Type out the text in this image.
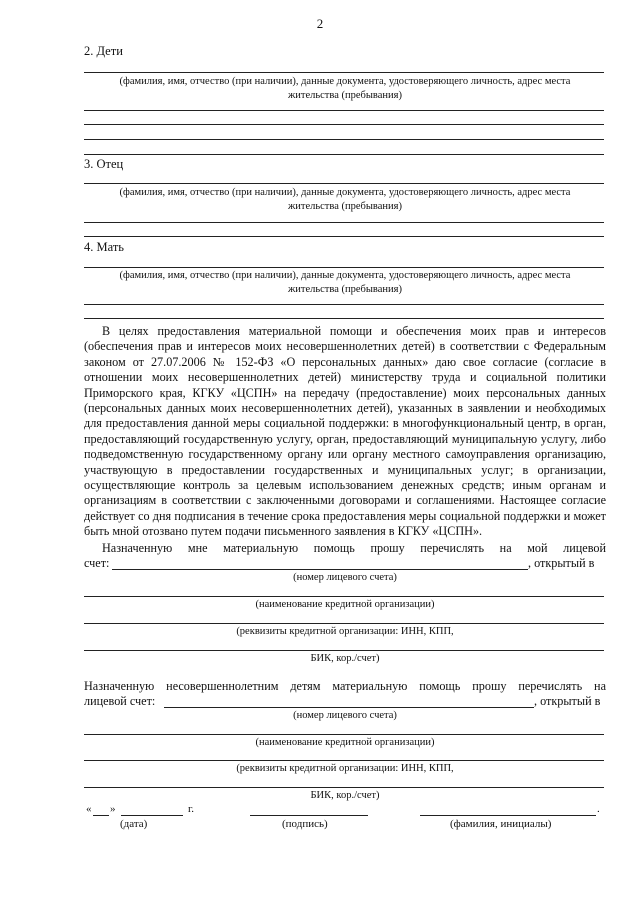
2
2. Дети
(фамилия, имя, отчество (при наличии), данные документа, удостоверяющего личность, адрес места
жительства (пребывания)
3. Отец
(фамилия, имя, отчество (при наличии), данные документа, удостоверяющего личность, адрес места
жительства (пребывания)
4. Мать
(фамилия, имя, отчество (при наличии), данные документа, удостоверяющего личность, адрес места
жительства (пребывания)
В целях предоставления материальной помощи и обеспечения моих прав и интересов (обеспечения прав и интересов моих несовершеннолетних детей) в соответствии с Федеральным законом от 27.07.2006 № 152-ФЗ «О персональных данных» даю свое согласие (согласие в отношении моих несовершеннолетних детей) министерству труда и социальной политики Приморского края, КГКУ «ЦСПН» на передачу (предоставление) моих персональных данных (персональных данных моих несовершеннолетних детей), указанных в заявлении и необходимых для предоставления данной меры социальной поддержки: в многофункциональный центр, в орган, предоставляющий государственную услугу, орган, предоставляющий муниципальную услугу, либо подведомственную государственному органу или органу местного самоуправления организацию, участвующую в предоставлении государственных и муниципальных услуг; в организации, осуществляющие контроль за целевым использованием денежных средств; иным органам и организациям в соответствии с заключенными договорами и соглашениями. Настоящее согласие действует со дня подписания в течение срока предоставления меры социальной поддержки и может быть мной отозвано путем подачи письменного заявления в КГКУ «ЦСПН».
Назначенную мне материальную помощь прошу перечислять на мой лицевой
счет:	, открытый в
(номер лицевого счета)
(наименование кредитной организации)
(реквизиты кредитной организации: ИНН, КПП,
БИК, кор./счет)
Назначенную несовершеннолетним детям материальную помощь прошу перечислять на
лицевой счет:	, открытый в
(номер лицевого счета)
(наименование кредитной организации)
(реквизиты кредитной организации: ИНН, КПП,
БИК, кор./счет)
« »	г.	.
(дата)	(подпись)	(фамилия, инициалы)
